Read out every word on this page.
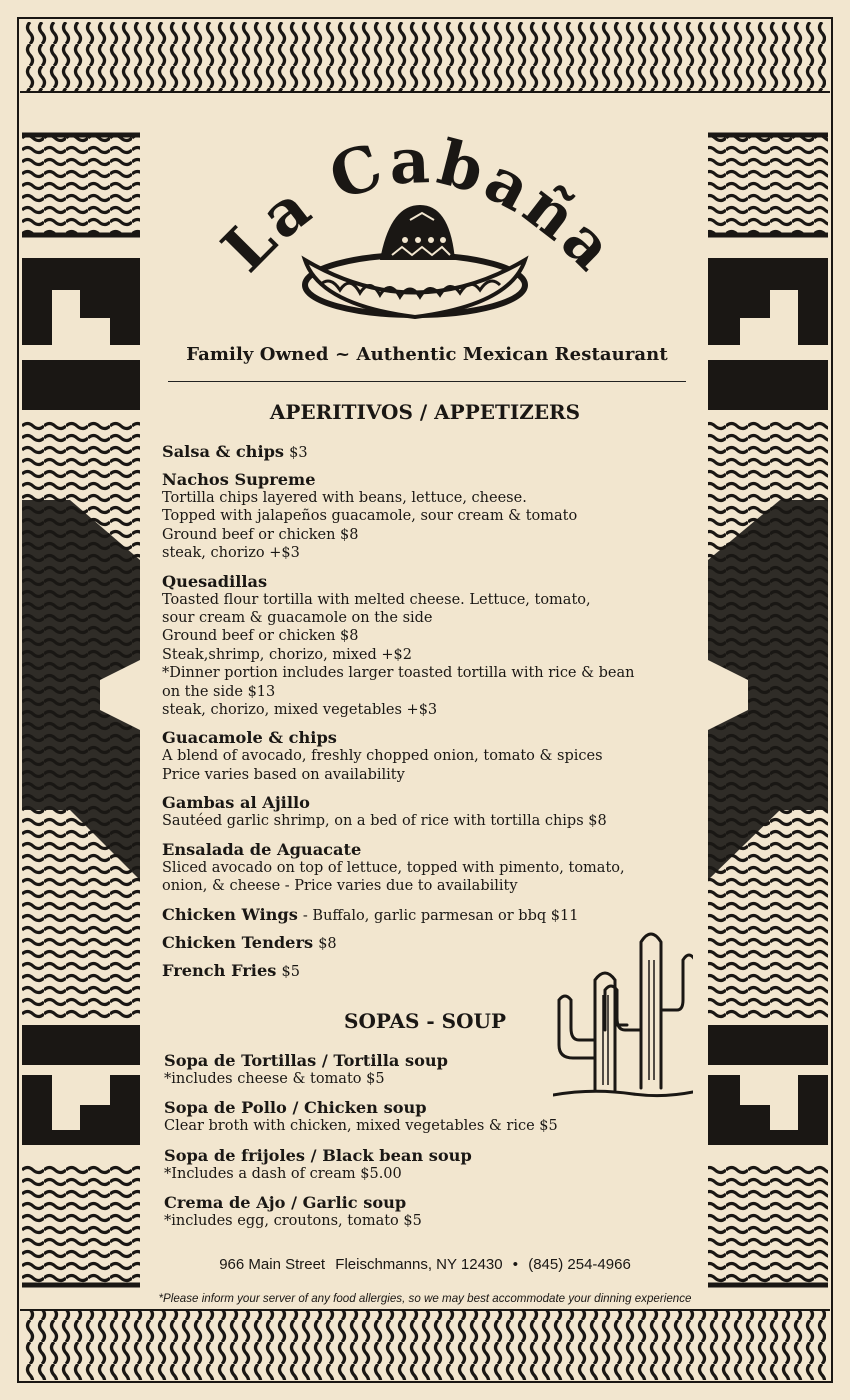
La Cabaña
Family Owned ~ Authentic Mexican Restaurant
APERITIVOS / APPETIZERS
Salsa & chips $3
Nachos Supreme
Tortilla chips layered with beans, lettuce, cheese.
Topped with jalapeños guacamole, sour cream & tomato
Ground beef or chicken $8
steak, chorizo +$3
Quesadillas
Toasted flour tortilla with melted cheese. Lettuce, tomato,
sour cream & guacamole on the side
Ground beef or chicken $8
Steak,shrimp, chorizo, mixed +$2
*Dinner portion includes larger toasted tortilla with rice & bean
on the side $13
steak, chorizo, mixed vegetables +$3
Guacamole & chips
A blend of avocado, freshly chopped onion, tomato & spices
Price varies based on availability
Gambas al Ajillo
Sautéed garlic shrimp, on a bed of rice with tortilla chips $8
Ensalada de Aguacate
Sliced avocado on top of lettuce, topped with pimento, tomato,
onion, & cheese - Price varies due to availability
Chicken Wings - Buffalo, garlic parmesan or bbq $11
Chicken Tenders $8
French Fries $5
SOPAS - SOUP
Sopa de Tortillas / Tortilla soup
*includes cheese & tomato $5
Sopa de Pollo / Chicken soup
Clear broth with chicken, mixed vegetables & rice $5
Sopa de frijoles / Black bean soup
*Includes a dash of cream $5.00
Crema de Ajo / Garlic soup
*includes egg, croutons, tomato $5
966 Main Street Fleischmanns, NY 12430 • (845) 254-4966
*Please inform your server of any food allergies, so we may best accommodate your dinning experience
